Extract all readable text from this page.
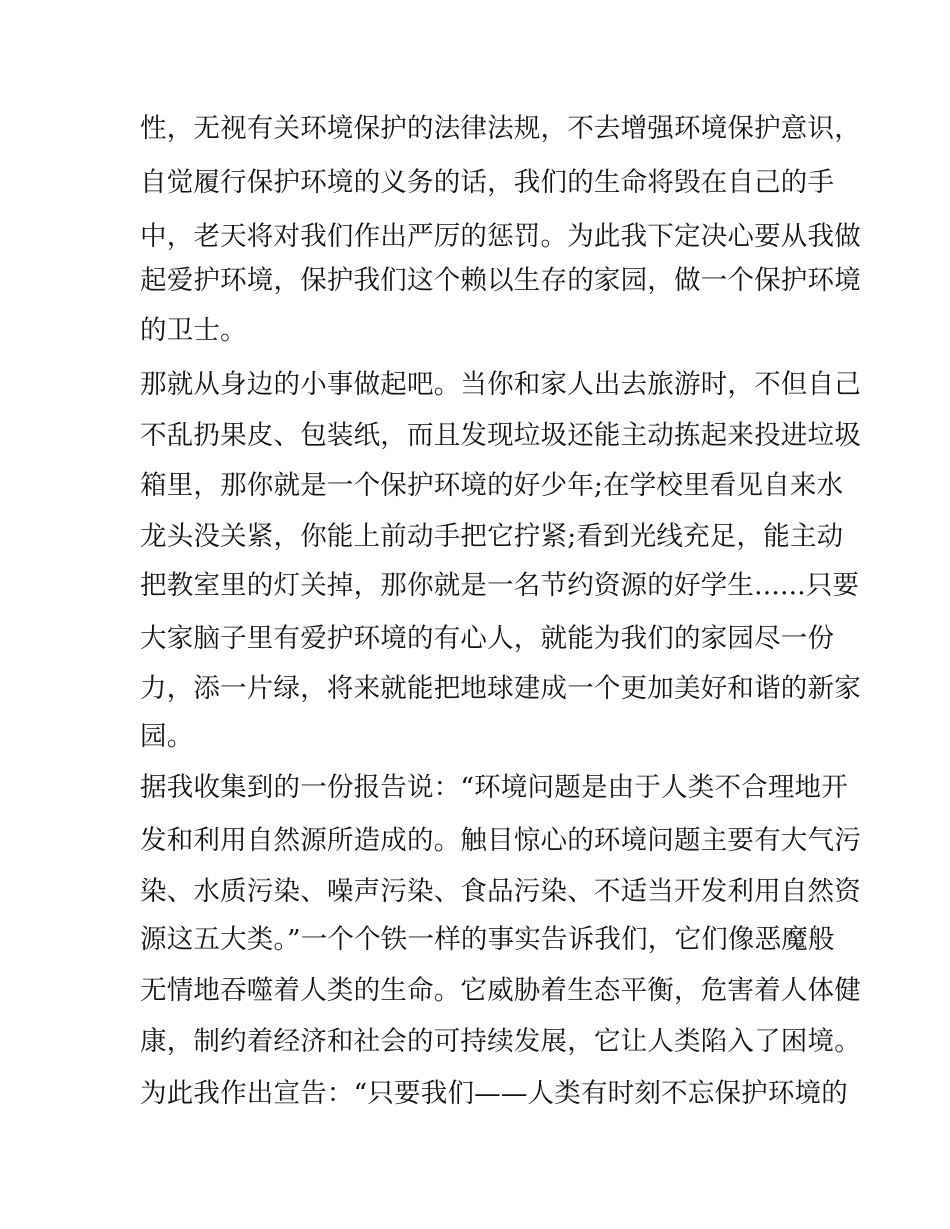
性，无视有关环境保护的法律法规，不去增强环境保护意识，

自觉履行保护环境的义务的话，我们的生命将毁在自己的手

中，老天将对我们作出严厉的惩罚。为此我下定决心要从我做

起爱护环境，保护我们这个赖以生存的家园，做一个保护环境

的卫士。

那就从身边的小事做起吧。当你和家人出去旅游时，不但自己

不乱扔果皮、包装纸，而且发现垃圾还能主动拣起来投进垃圾

箱里，那你就是一个保护环境的好少年;在学校里看见自来水

龙头没关紧，你能上前动手把它拧紧;看到光线充足，能主动

把教室里的灯关掉，那你就是一名节约资源的好学生......只要

大家脑子里有爱护环境的有心人，就能为我们的家园尽一份

力，添一片绿，将来就能把地球建成一个更加美好和谐的新家

园。

据我收集到的一份报告说：“环境问题是由于人类不合理地开

发和利用自然源所造成的。触目惊心的环境问题主要有大气污

染、水质污染、噪声污染、食品污染、不适当开发利用自然资

源这五大类。”一个个铁一样的事实告诉我们，它们像恶魔般

无情地吞噬着人类的生命。它威胁着生态平衡，危害着人体健

康，制约着经济和社会的可持续发展，它让人类陷入了困境。

为此我作出宣告：“只要我们——人类有时刻不忘保护环境的
